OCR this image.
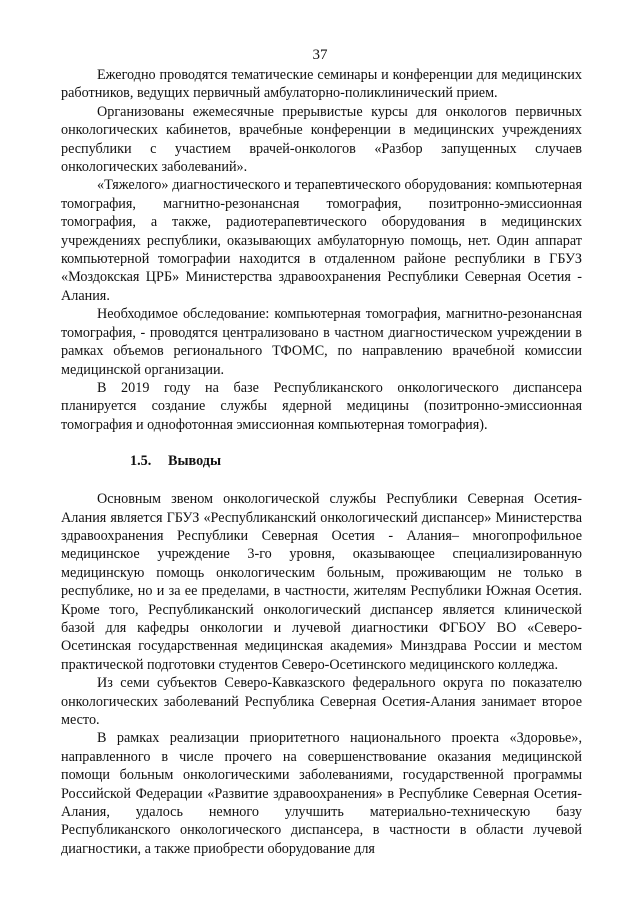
37

Ежегодно проводятся тематические семинары и конференции для медицинских работников, ведущих первичный амбулаторно-поликлинический прием.

Организованы ежемесячные прерывистые курсы для онкологов первичных онкологических кабинетов, врачебные конференции в медицинских учреждениях республики с участием врачей-онкологов «Разбор запущенных случаев онкологических заболеваний».

«Тяжелого» диагностического и терапевтического оборудования: компьютерная томография, магнитно-резонансная томография, позитронно-эмиссионная томография, а также, радиотерапевтического оборудования в медицинских учреждениях республики, оказывающих амбулаторную помощь, нет. Один аппарат компьютерной томографии находится в отдаленном районе республики в ГБУЗ «Моздокская ЦРБ» Министерства здравоохранения Республики Северная Осетия - Алания.

Необходимое обследование: компьютерная томография, магнитно-резонансная томография, - проводятся централизовано в частном диагностическом учреждении в рамках объемов регионального ТФОМС, по направлению врачебной комиссии медицинской организации.

В 2019 году на базе Республиканского онкологического диспансера планируется создание службы ядерной медицины (позитронно-эмиссионная томография и однофотонная эмиссионная компьютерная томография).

1.5. Выводы

Основным звеном онкологической службы Республики Северная Осетия-Алания является ГБУЗ «Республиканский онкологический диспансер» Министерства здравоохранения Республики Северная Осетия - Алания– многопрофильное медицинское учреждение 3-го уровня, оказывающее специализированную медицинскую помощь онкологическим больным, проживающим не только в республике, но и за ее пределами, в частности, жителям Республики Южная Осетия. Кроме того, Республиканский онкологический диспансер является клинической базой для кафедры онкологии и лучевой диагностики ФГБОУ ВО «Северо-Осетинская государственная медицинская академия» Минздрава России и местом практической подготовки студентов Северо-Осетинского медицинского колледжа.

Из семи субъектов Северо-Кавказского федерального округа по показателю онкологических заболеваний Республика Северная Осетия-Алания занимает второе место.

В рамках реализации приоритетного национального проекта «Здоровье», направленного в числе прочего на совершенствование оказания медицинской помощи больным онкологическими заболеваниями, государственной программы Российской Федерации «Развитие здравоохранения» в Республике Северная Осетия-Алания, удалось немного улучшить материально-техническую базу Республиканского онкологического диспансера, в частности в области лучевой диагностики, а также приобрести оборудование для
